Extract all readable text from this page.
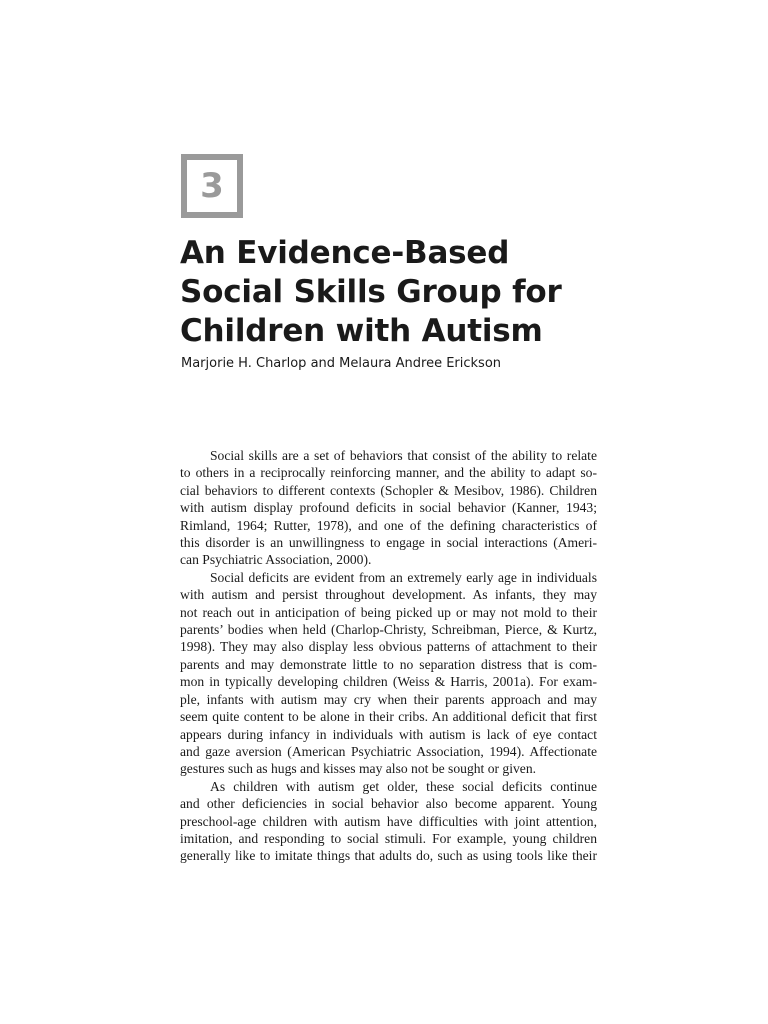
3
An Evidence-Based
Social Skills Group for
Children with Autism
Marjorie H. Charlop and Melaura Andree Erickson
Social skills are a set of behaviors that consist of the ability to relate
to others in a reciprocally reinforcing manner, and the ability to adapt so-
cial behaviors to different contexts (Schopler & Mesibov, 1986). Children
with autism display profound deficits in social behavior (Kanner, 1943;
Rimland, 1964; Rutter, 1978), and one of the defining characteristics of
this disorder is an unwillingness to engage in social interactions (Ameri-
can Psychiatric Association, 2000).
Social deficits are evident from an extremely early age in individuals
with autism and persist throughout development. As infants, they may
not reach out in anticipation of being picked up or may not mold to their
parents’ bodies when held (Charlop-Christy, Schreibman, Pierce, & Kurtz,
1998). They may also display less obvious patterns of attachment to their
parents and may demonstrate little to no separation distress that is com-
mon in typically developing children (Weiss & Harris, 2001a). For exam-
ple, infants with autism may cry when their parents approach and may
seem quite content to be alone in their cribs. An additional deficit that first
appears during infancy in individuals with autism is lack of eye contact
and gaze aversion (American Psychiatric Association, 1994). Affectionate
gestures such as hugs and kisses may also not be sought or given.
As children with autism get older, these social deficits continue
and other deficiencies in social behavior also become apparent. Young
preschool-age children with autism have difficulties with joint attention,
imitation, and responding to social stimuli. For example, young children
generally like to imitate things that adults do, such as using tools like their
